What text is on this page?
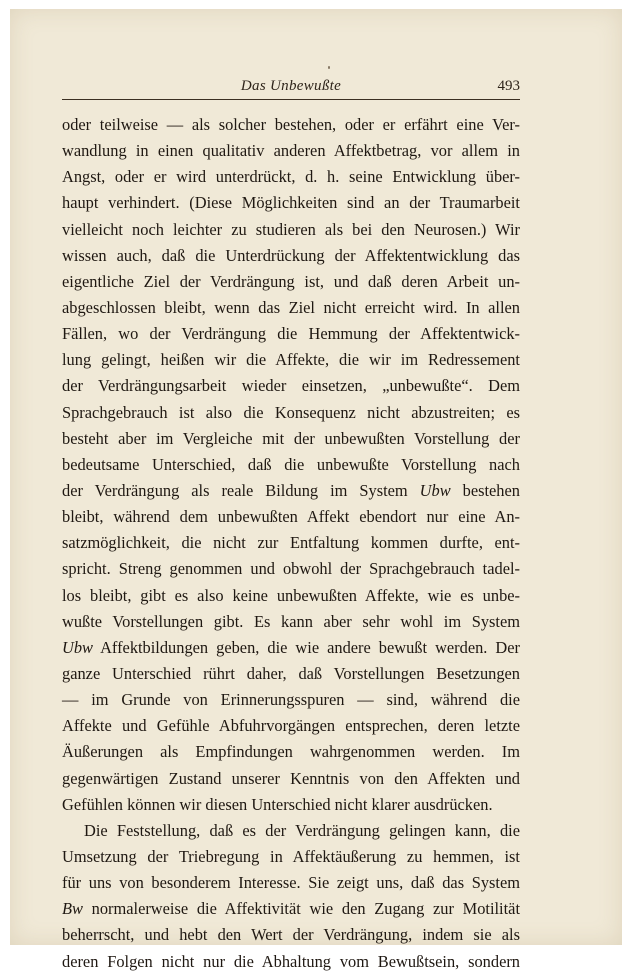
Das Unbewußte	493
oder teilweise — als solcher bestehen, oder er erfährt eine Ver-
wandlung in einen qualitativ anderen Affektbetrag, vor allem in
Angst, oder er wird unterdrückt, d. h. seine Entwicklung über-
haupt verhindert. (Diese Möglichkeiten sind an der Traumarbeit
vielleicht noch leichter zu studieren als bei den Neurosen.) Wir
wissen auch, daß die Unterdrückung der Affektentwicklung das
eigentliche Ziel der Verdrängung ist, und daß deren Arbeit un-
abgeschlossen bleibt, wenn das Ziel nicht erreicht wird. In allen
Fällen, wo der Verdrängung die Hemmung der Affektentwick-
lung gelingt, heißen wir die Affekte, die wir im Redressement
der Verdrängungsarbeit wieder einsetzen, „unbewußte“. Dem
Sprachgebrauch ist also die Konsequenz nicht abzustreiten; es
besteht aber im Vergleiche mit der unbewußten Vorstellung der
bedeutsame Unterschied, daß die unbewußte Vorstellung nach
der Verdrängung als reale Bildung im System Ubw bestehen
bleibt, während dem unbewußten Affekt ebendort nur eine An-
satzmöglichkeit, die nicht zur Entfaltung kommen durfte, ent-
spricht. Streng genommen und obwohl der Sprachgebrauch tadel-
los bleibt, gibt es also keine unbewußten Affekte, wie es unbe-
wußte Vorstellungen gibt. Es kann aber sehr wohl im System
Ubw Affektbildungen geben, die wie andere bewußt werden. Der
ganze Unterschied rührt daher, daß Vorstellungen Besetzungen
— im Grunde von Erinnerungsspuren — sind, während die
Affekte und Gefühle Abfuhrvorgängen entsprechen, deren letzte
Äußerungen als Empfindungen wahrgenommen werden. Im
gegenwärtigen Zustand unserer Kenntnis von den Affekten und
Gefühlen können wir diesen Unterschied nicht klarer ausdrücken.
Die Feststellung, daß es der Verdrängung gelingen kann, die
Umsetzung der Triebregung in Affektäußerung zu hemmen, ist
für uns von besonderem Interesse. Sie zeigt uns, daß das System
Bw normalerweise die Affektivität wie den Zugang zur Motilität
beherrscht, und hebt den Wert der Verdrängung, indem sie als
deren Folgen nicht nur die Abhaltung vom Bewußtsein, sondern
